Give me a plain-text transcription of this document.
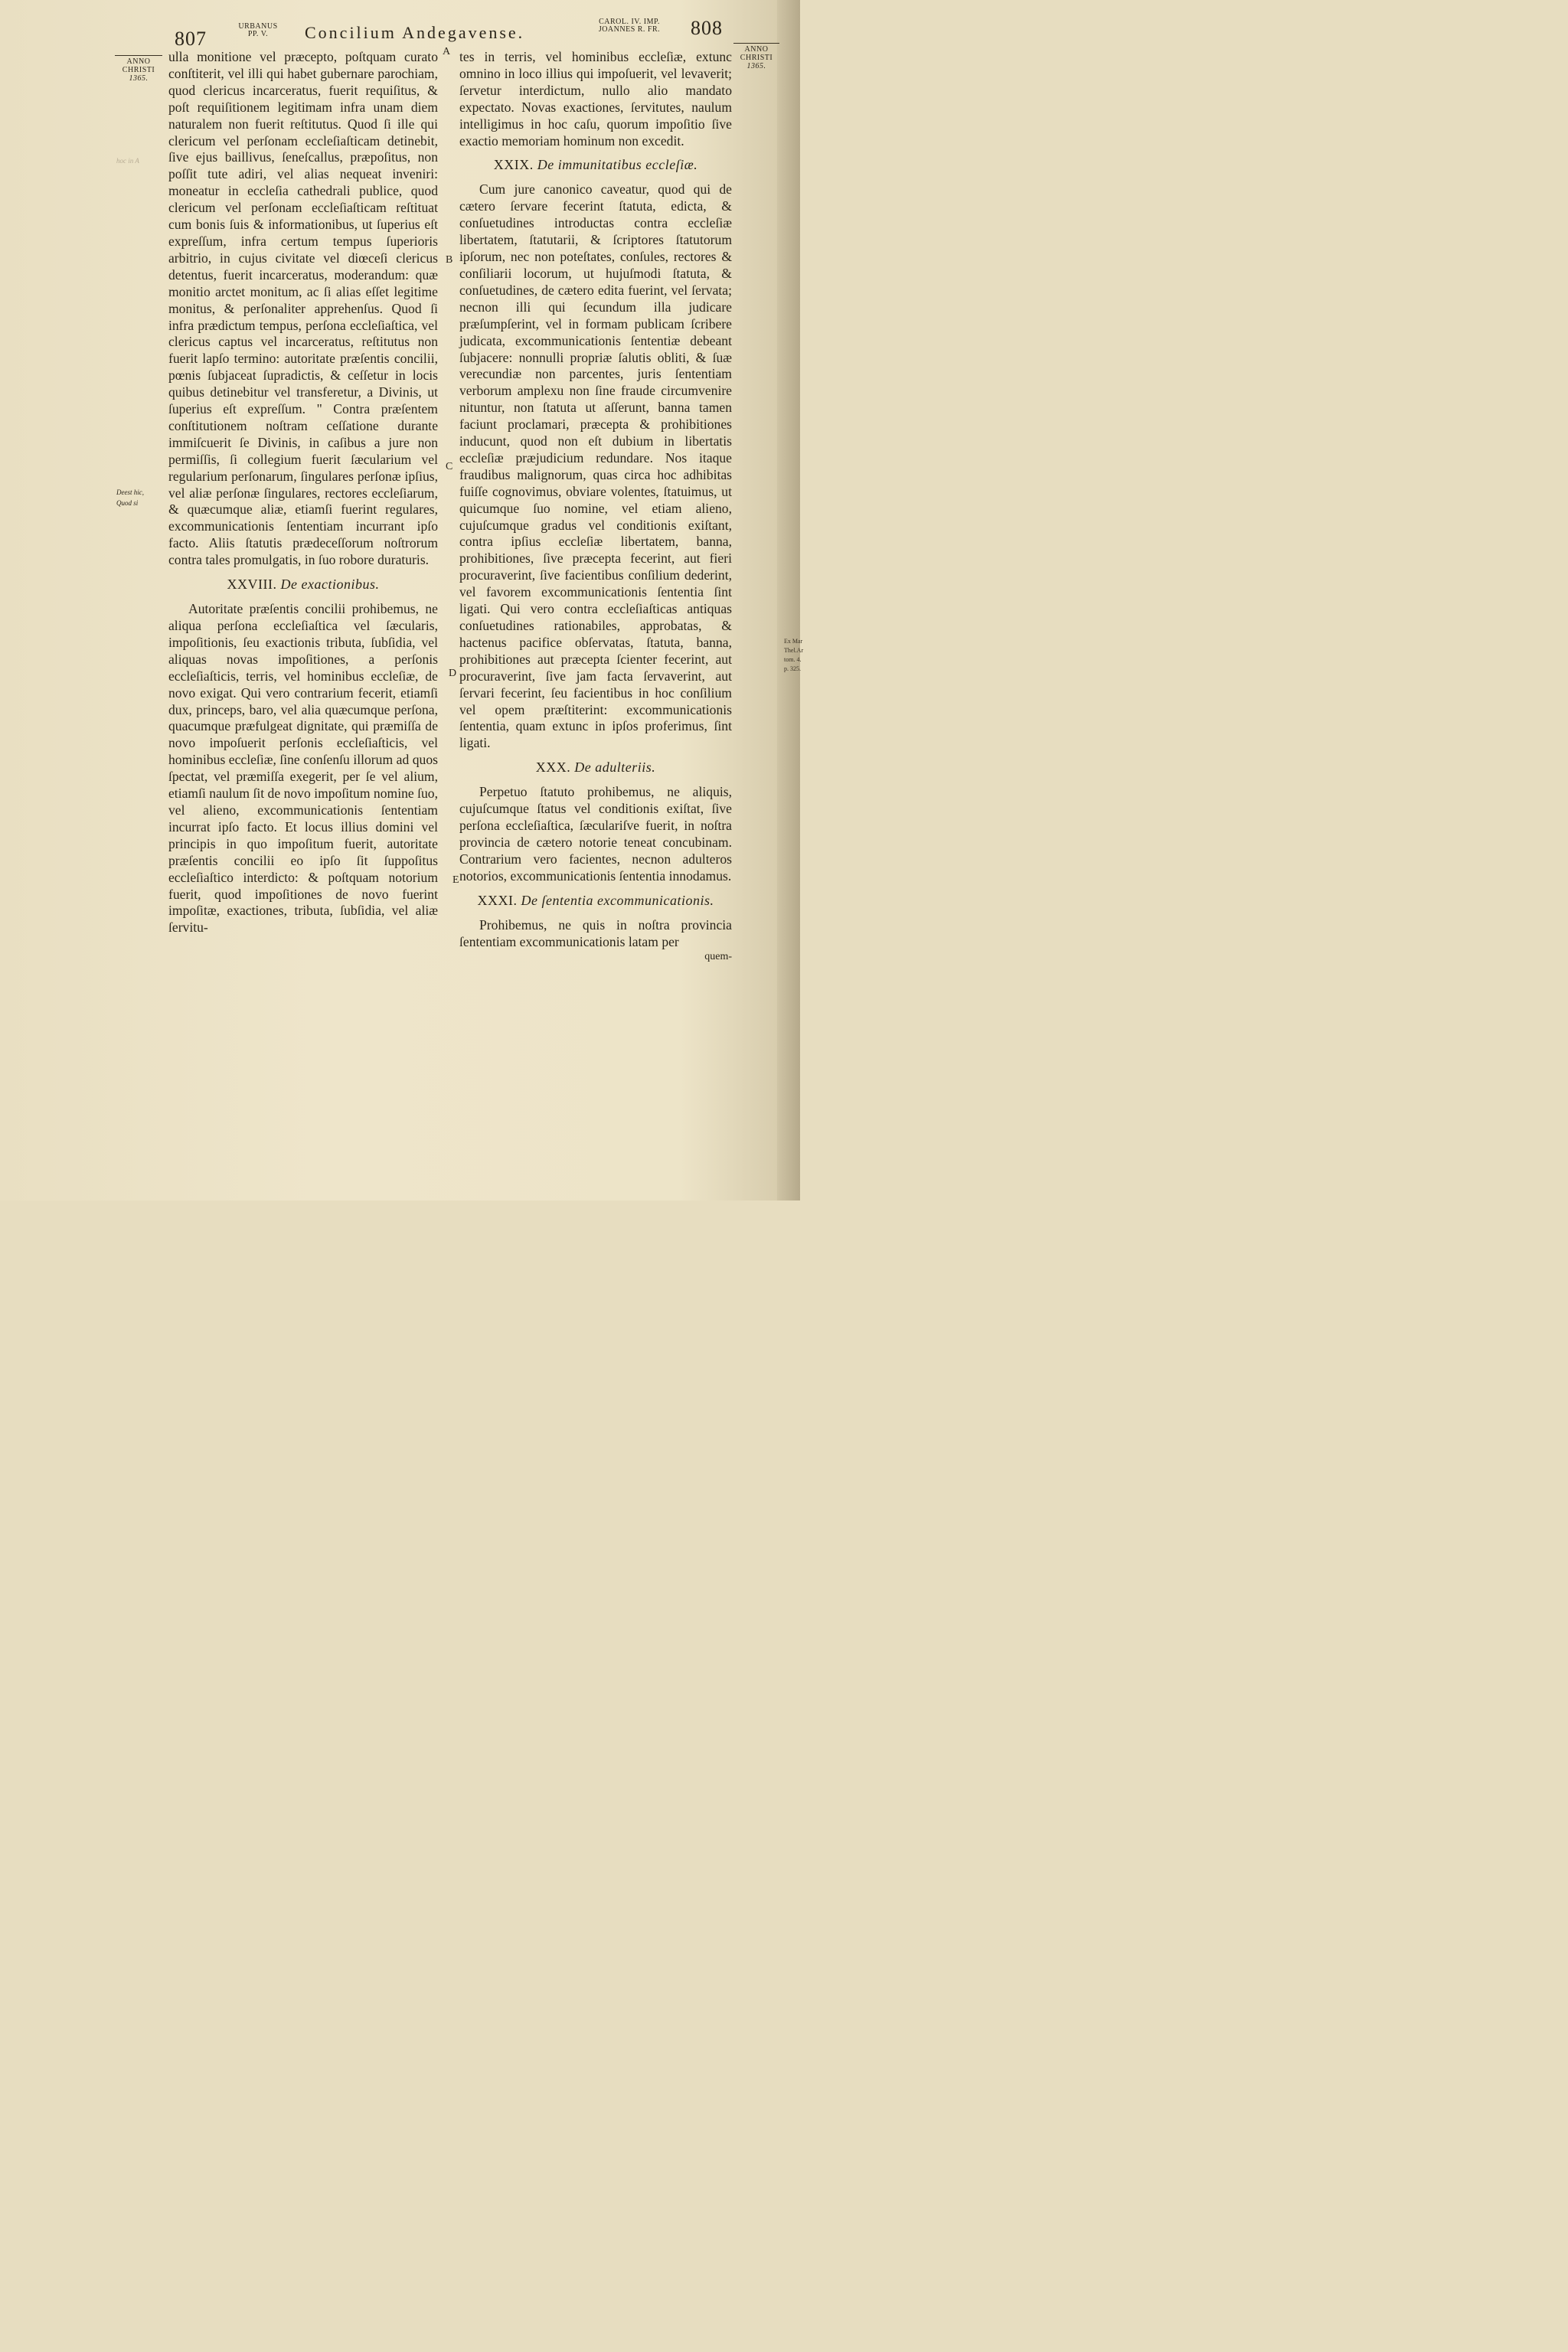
807
URBANUS
PP. V.	Concilium Andegavense.
CAROL. IV. IMP.
JOANNES R. FR.	808
ANNO
CHRISTI
1365.
hoc in A
Deest hic,
Quod si
ANNO
CHRISTI
1365.
Ex Mar
Thel.Ar
tom. 4.
p. 325.
A
B
C
D
E

ulla monitione vel præcepto, poſtquam curato conſtiterit, vel illi qui habet gubernare parochiam, quod clericus incarceratus, fuerit requiſitus, & poſt requiſitionem legitimam infra unam diem naturalem non fuerit reſtitutus. Quod ſi ille qui clericum vel perſonam eccleſiaſticam detinebit, ſive ejus baillivus, ſeneſcallus, præpoſitus, non poſſit tute adiri, vel alias nequeat inveniri: moneatur in eccleſia cathedrali publice, quod clericum vel perſonam eccleſiaſticam reſtituat cum bonis ſuis & informationibus, ut ſuperius eſt expreſſum, infra certum tempus ſuperioris arbitrio, in cujus civitate vel diœceſi clericus detentus, fuerit incarceratus, moderandum: quæ monitio arctet monitum, ac ſi alias eſſet legitime monitus, & perſonaliter apprehenſus. Quod ſi infra prædictum tempus, perſona eccleſiaſtica, vel clericus captus vel incarceratus, reſtitutus non fuerit lapſo termino: autoritate præſentis concilii, pœnis ſubjaceat ſupradictis, & ceſſetur in locis quibus detinebitur vel transferetur, a Divinis, ut ſuperius eſt expreſſum. " Contra præſentem conſtitutionem noſtram ceſſatione durante immiſcuerit ſe Divinis, in caſibus a jure non permiſſis, ſi collegium fuerit ſæcularium vel regularium perſonarum, ſingulares perſonæ ipſius, vel aliæ perſonæ ſingulares, rectores eccleſiarum, & quæcumque aliæ, etiamſi fuerint regulares, excommunicationis ſententiam incurrant ipſo facto. Aliis ſtatutis prædeceſſorum noſtrorum contra tales promulgatis, in ſuo robore duraturis.

XXVIII. De exactionibus.

Autoritate præſentis concilii prohibemus, ne aliqua perſona eccleſiaſtica vel ſæcularis, impoſitionis, ſeu exactionis tributa, ſubſidia, vel aliquas novas impoſitiones, a perſonis eccleſiaſticis, terris, vel hominibus eccleſiæ, de novo exigat. Qui vero contrarium fecerit, etiamſi dux, princeps, baro, vel alia quæcumque perſona, quacumque præfulgeat dignitate, qui præmiſſa de novo impoſuerit perſonis eccleſiaſticis, vel hominibus eccleſiæ, ſine conſenſu illorum ad quos ſpectat, vel præmiſſa exegerit, per ſe vel alium, etiamſi naulum ſit de novo impoſitum nomine ſuo, vel alieno, excommunicationis ſententiam incurrat ipſo facto. Et locus illius domini vel principis in quo impoſitum fuerit, autoritate præſentis concilii eo ipſo ſit ſuppoſitus eccleſiaſtico interdicto: & poſtquam notorium fuerit, quod impoſitiones de novo fuerint impoſitæ, exactiones, tributa, ſubſidia, vel aliæ ſervitu-

tes in terris, vel hominibus eccleſiæ, extunc omnino in loco illius qui impoſuerit, vel levaverit; ſervetur interdictum, nullo alio mandato expectato. Novas exactiones, ſervitutes, naulum intelligimus in hoc caſu, quorum impoſitio ſive exactio memoriam hominum non excedit.

XXIX. De immunitatibus eccleſiæ.

Cum jure canonico caveatur, quod qui de cætero ſervare fecerint ſtatuta, edicta, & conſuetudines introductas contra eccleſiæ libertatem, ſtatutarii, & ſcriptores ſtatutorum ipſorum, nec non poteſtates, conſules, rectores & conſiliarii locorum, ut hujuſmodi ſtatuta, & conſuetudines, de cætero edita fuerint, vel ſervata; necnon illi qui ſecundum illa judicare præſumpſerint, vel in formam publicam ſcribere judicata, excommunicationis ſententiæ debeant ſubjacere: nonnulli propriæ ſalutis obliti, & ſuæ verecundiæ non parcentes, juris ſententiam verborum amplexu non ſine fraude circumvenire nituntur, non ſtatuta ut aſſerunt, banna tamen faciunt proclamari, præcepta & prohibitiones inducunt, quod non eſt dubium in libertatis eccleſiæ præjudicium redundare. Nos itaque fraudibus malignorum, quas circa hoc adhibitas fuiſſe cognovimus, obviare volentes, ſtatuimus, ut quicumque ſuo nomine, vel etiam alieno, cujuſcumque gradus vel conditionis exiſtant, contra ipſius eccleſiæ libertatem, banna, prohibitiones, ſive præcepta fecerint, aut fieri procuraverint, ſive facientibus conſilium dederint, vel favorem excommunicationis ſententia ſint ligati. Qui vero contra eccleſiaſticas antiquas conſuetudines rationabiles, approbatas, & hactenus pacifice obſervatas, ſtatuta, banna, prohibitiones aut præcepta ſcienter fecerint, aut procuraverint, ſive jam facta ſervaverint, aut ſervari fecerint, ſeu facientibus in hoc conſilium vel opem præſtiterint: excommunicationis ſententia, quam extunc in ipſos proferimus, ſint ligati.

XXX. De adulteriis.

Perpetuo ſtatuto prohibemus, ne aliquis, cujuſcumque ſtatus vel conditionis exiſtat, ſive perſona eccleſiaſtica, ſæculariſve fuerit, in noſtra provincia de cætero notorie teneat concubinam. Contrarium vero facientes, necnon adulteros notorios, excommunicationis ſententia innodamus.

XXXI. De ſententia excommunicationis.

Prohibemus, ne quis in noſtra provincia ſententiam excommunicationis latam per

quem-
